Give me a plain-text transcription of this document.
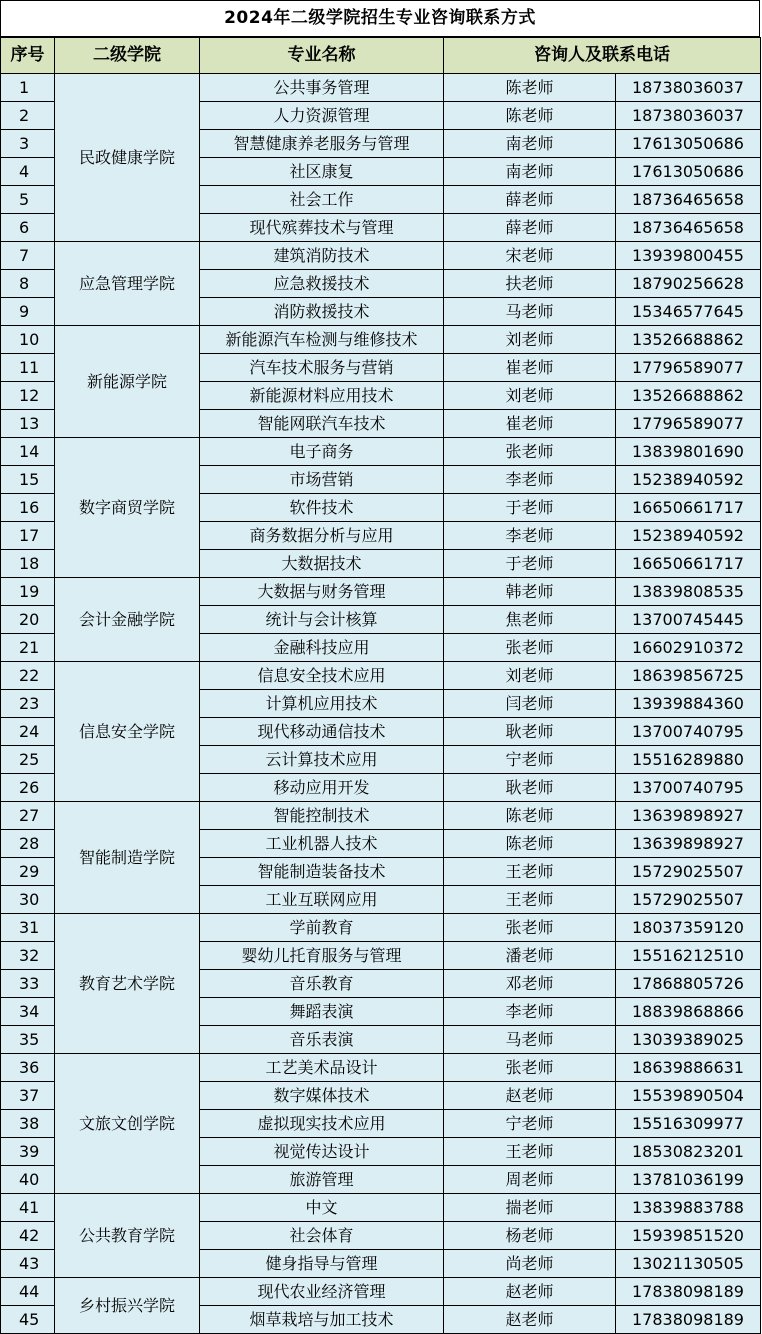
2024年二级学院招生专业咨询联系方式
序号	二级学院	专业名称	咨询人及联系电话	
1	民政健康学院	公共事务管理	陈老师	18738036037
2		人力资源管理	陈老师	18738036037
3		智慧健康养老服务与管理	南老师	17613050686
4		社区康复	南老师	17613050686
5		社会工作	薛老师	18736465658
6		现代殡葬技术与管理	薛老师	18736465658
7	应急管理学院	建筑消防技术	宋老师	13939800455
8		应急救援技术	扶老师	18790256628
9		消防救援技术	马老师	15346577645
10	新能源学院	新能源汽车检测与维修技术	刘老师	13526688862
11		汽车技术服务与营销	崔老师	17796589077
12		新能源材料应用技术	刘老师	13526688862
13		智能网联汽车技术	崔老师	17796589077
14	数字商贸学院	电子商务	张老师	13839801690
15		市场营销	李老师	15238940592
16		软件技术	于老师	16650661717
17		商务数据分析与应用	李老师	15238940592
18		大数据技术	于老师	16650661717
19	会计金融学院	大数据与财务管理	韩老师	13839808535
20		统计与会计核算	焦老师	13700745445
21		金融科技应用	张老师	16602910372
22	信息安全学院	信息安全技术应用	刘老师	18639856725
23		计算机应用技术	闫老师	13939884360
24		现代移动通信技术	耿老师	13700740795
25		云计算技术应用	宁老师	15516289880
26		移动应用开发	耿老师	13700740795
27	智能制造学院	智能控制技术	陈老师	13639898927
28		工业机器人技术	陈老师	13639898927
29		智能制造装备技术	王老师	15729025507
30		工业互联网应用	王老师	15729025507
31	教育艺术学院	学前教育	张老师	18037359120
32		婴幼儿托育服务与管理	潘老师	15516212510
33		音乐教育	邓老师	17868805726
34		舞蹈表演	李老师	18839868866
35		音乐表演	马老师	13039389025
36	文旅文创学院	工艺美术品设计	张老师	18639886631
37		数字媒体技术	赵老师	15539890504
38		虚拟现实技术应用	宁老师	15516309977
39		视觉传达设计	王老师	18530823201
40		旅游管理	周老师	13781036199
41	公共教育学院	中文	揣老师	13839883788
42		社会体育	杨老师	15939851520
43		健身指导与管理	尚老师	13021130505
44	乡村振兴学院	现代农业经济管理	赵老师	17838098189
45		烟草栽培与加工技术	赵老师	17838098189
